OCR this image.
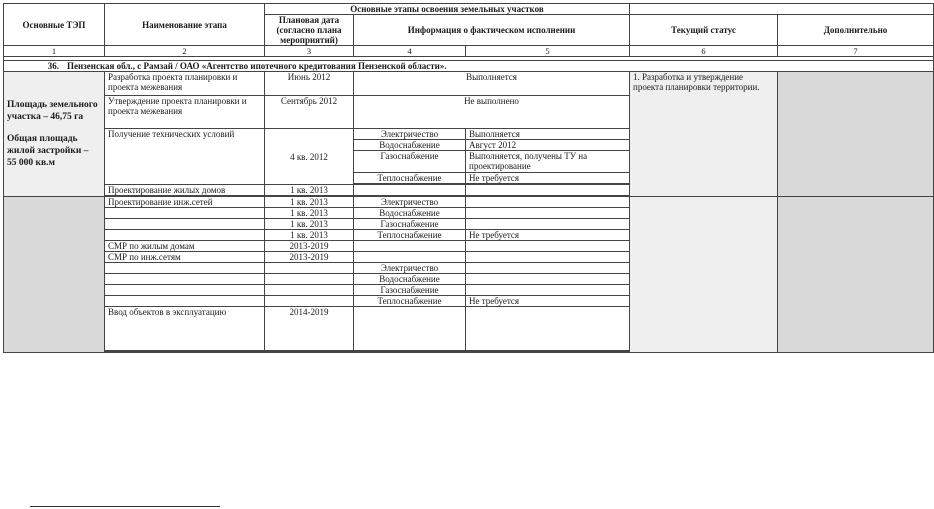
Основные ТЭП	Наименование этапа	Основные этапы освоения земельных участков				
		Плановая дата (согласно плана мероприятий)	Информация о фактическом исполнении		Текущий статус	Дополнительно
1	2	3	4	5	6	7

36. Пензенская обл., с Рамзай / ОАО «Агентство ипотечного кредитования Пензенской области».						

Площадь земельного участка – 46,75 га
Общая площадь жилой застройки –
55 000 кв.м	Разработка проекта планировки и проекта межевания	Июнь 2012	Выполняется		1. Разработка и утверждение проекта планировки территории.	
	Утверждение проекта планировки и проекта межевания	Сентябрь 2012	Не выполнено			
	Получение технических условий	4 кв. 2012	Электричество	Выполняется		
			Водоснабжение	Август 2012		
			Газоснабжение	Выполняется, получены ТУ на проектирование		
			Теплоснабжение	Не требуется		

	Проектирование жилых домов	1 кв. 2013				

	Проектирование инж.сетей	1 кв. 2013	Электричество			
		1 кв. 2013	Водоснабжение			
		1 кв. 2013	Газоснабжение			
		1 кв. 2013	Теплоснабжение	Не требуется		
	СМР по жилым домам	2013-2019				
	СМР по инж.сетям	2013-2019				
			Электричество			
			Водоснабжение			
			Газоснабжение			
			Теплоснабжение	Не требуется		
	Ввод объектов в эксплуатацию	2014-2019				
